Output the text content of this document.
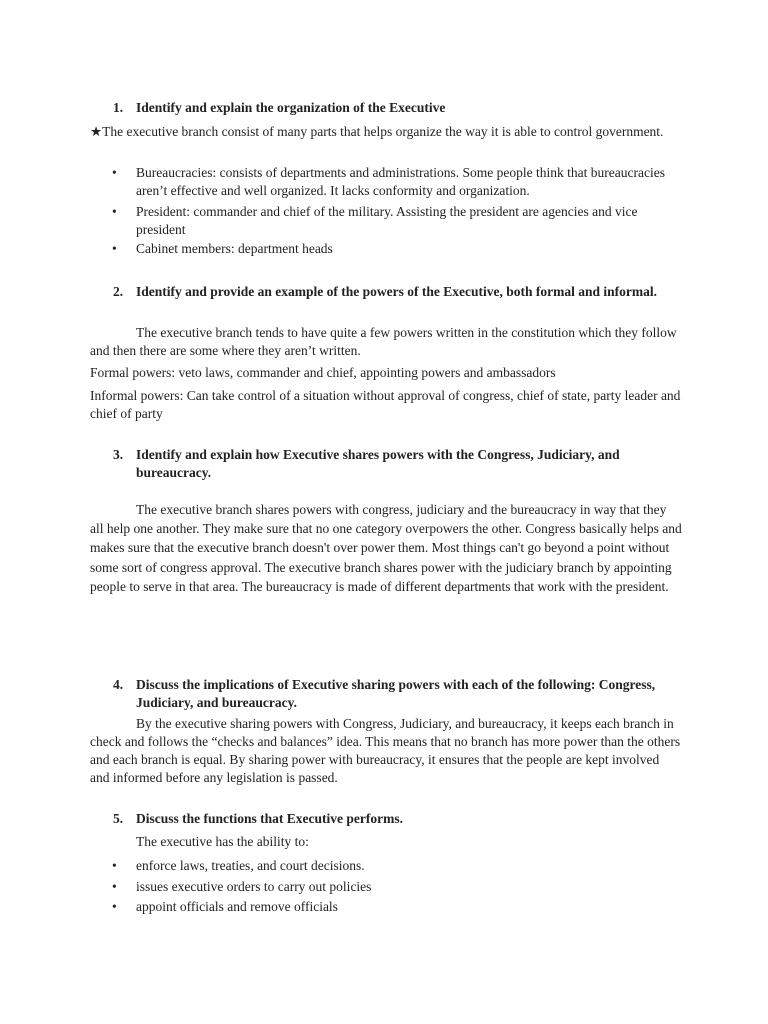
1. Identify and explain the organization of the Executive
★The executive branch consist of many parts that helps organize the way it is able to control government.
• Bureaucracies: consists of departments and administrations. Some people think that bureaucracies aren’t effective and well organized. It lacks conformity and organization.
• President: commander and chief of the military. Assisting the president are agencies and vice president
• Cabinet members: department heads
2. Identify and provide an example of the powers of the Executive, both formal and informal.
The executive branch tends to have quite a few powers written in the constitution which they follow and then there are some where they aren’t written.
Formal powers: veto laws, commander and chief, appointing powers and ambassadors
Informal powers: Can take control of a situation without approval of congress, chief of state, party leader and chief of party
3. Identify and explain how Executive shares powers with the Congress, Judiciary, and bureaucracy.
The executive branch shares powers with congress, judiciary and the bureaucracy in way that they all help one another. They make sure that no one category overpowers the other. Congress basically helps and makes sure that the executive branch doesn't over power them. Most things can't go beyond a point without some sort of congress approval. The executive branch shares power with the judiciary branch by appointing people to serve in that area. The bureaucracy is made of different departments that work with the president.
4. Discuss the implications of Executive sharing powers with each of the following: Congress, Judiciary, and bureaucracy.
By the executive sharing powers with Congress, Judiciary, and bureaucracy, it keeps each branch in check and follows the “checks and balances” idea. This means that no branch has more power than the others and each branch is equal. By sharing power with bureaucracy, it ensures that the people are kept involved and informed before any legislation is passed.
5. Discuss the functions that Executive performs.
The executive has the ability to:
• enforce laws, treaties, and court decisions.
• issues executive orders to carry out policies
• appoint officials and remove officials
